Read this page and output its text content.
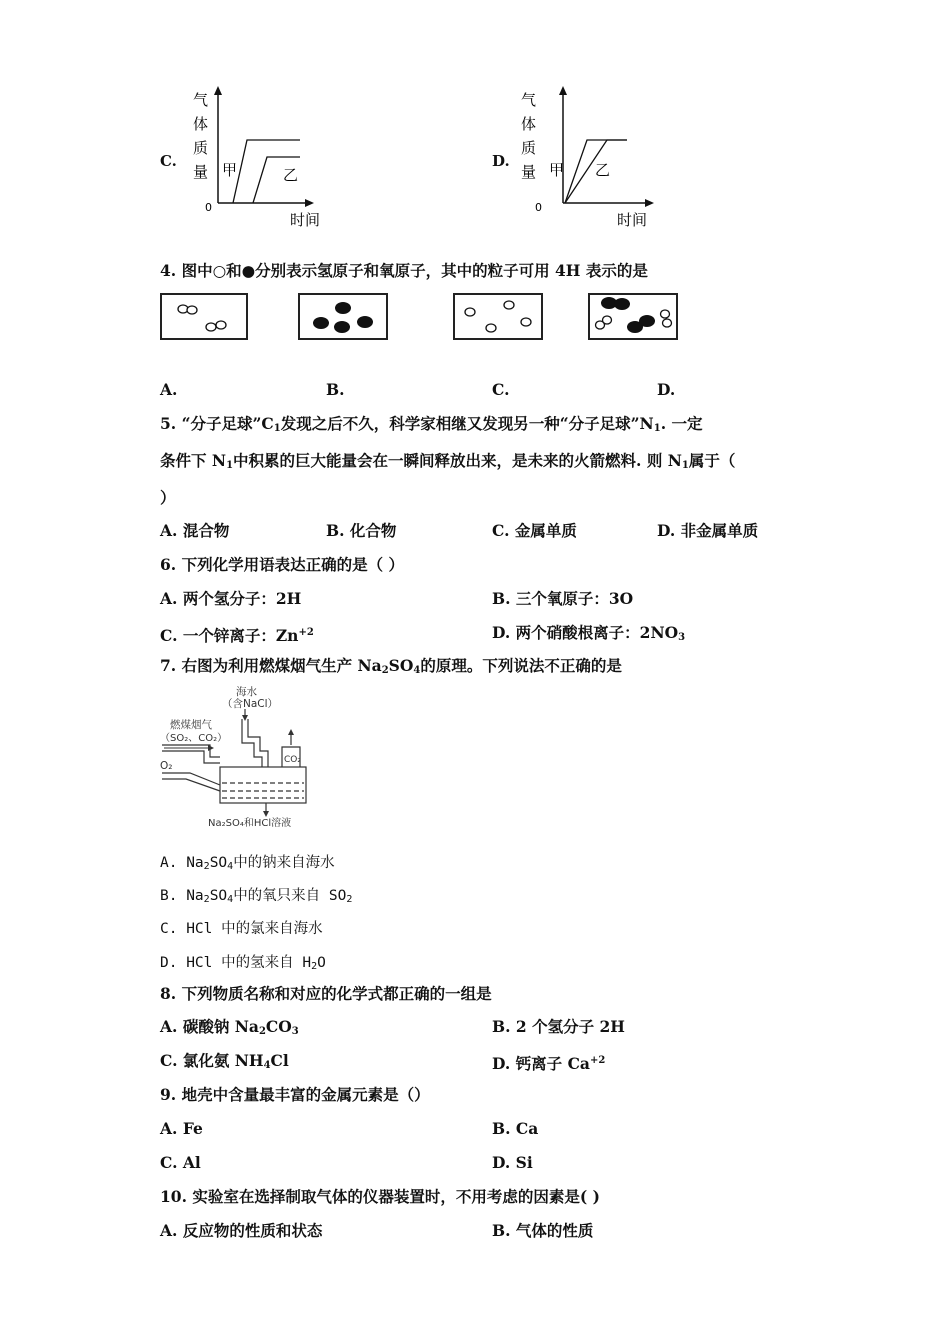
C.
气
体
质
量
0
时间
甲	乙
D.
气
体
质
量
0
时间
甲 乙
4. 图中○和●分别表示氢原子和氧原子，其中的粒子可用 4H 表示的是
A.	B.	C.	D.
5. “分子足球$”C_1$发现之后不久，科学家相继又发现另一种“分子足球$”N_1$. 一定
条件下 $N_1$中积累的巨大能量会在一瞬间释放出来，是未来的火箭燃料. 则 $N_1$属于（
）
A. 混合物	B. 化合物	C. 金属单质	D. 非金属单质
6. 下列化学用语表达正确的是（ ）
A. 两个氢分子：2H	B. 三个氧原子：3O
C. 一个锌离子：$Zn^{+2}$	D. 两个硝酸根离子：$2NO_3$
7. 右图为利用燃煤烟气生产 $Na_2SO_4$的原理。下列说法不正确的是
海水
（含NaCl）
燃煤烟气
（SO₂、CO₂）
O₂	CO₂
Na₂SO₄和HCl溶液
A. $Na_2SO_4$中的钠来自海水
B. $Na_2SO_4$中的氧只来自 $SO_2$
C. HCl 中的氯来自海水
D. HCl 中的氢来自 $H_2O$
8. 下列物质名称和对应的化学式都正确的一组是
A. 碳酸钠 $Na_2CO_3$	B. 2 个氢分子 2H
C. 氯化氨 $NH_4Cl$	D. 钙离子 $Ca^{+2}$
9. 地壳中含量最丰富的金属元素是（）
A. Fe	B. Ca
C. Al	D. Si
10. 实验室在选择制取气体的仪器装置时，不用考虑的因素是( )
A. 反应物的性质和状态	B. 气体的性质
